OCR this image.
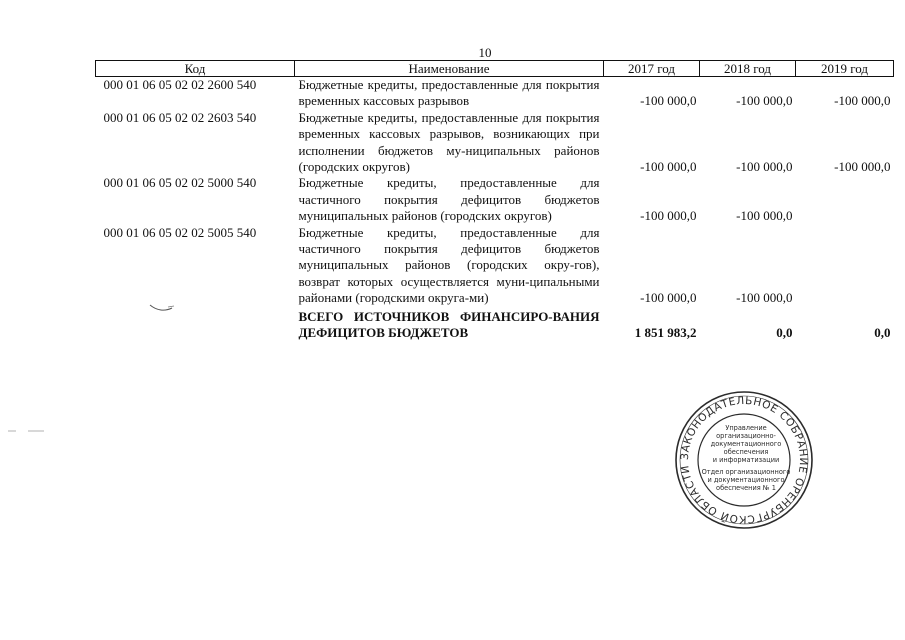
10
Код	Наименование	2017 год	2018 год	2019 год
000 01 06 05 02 02 2600 540	Бюджетные кредиты, предоставленные для покрытия временных кассовых разрывов	-100 000,0	-100 000,0	-100 000,0
000 01 06 05 02 02 2603 540	Бюджетные кредиты, предоставленные для покрытия временных кассовых разрывов, возникающих при исполнении бюджетов му-ниципальных районов (городских округов)	-100 000,0	-100 000,0	-100 000,0
000 01 06 05 02 02 5000 540	Бюджетные кредиты, предоставленные для частичного покрытия дефицитов бюджетов муниципальных районов (городских округов)	-100 000,0	-100 000,0	
000 01 06 05 02 02 5005 540	Бюджетные кредиты, предоставленные для частичного покрытия дефицитов бюджетов муниципальных районов (городских окру-гов), возврат которых осуществляется муни-ципальными районами (городскими округа-ми)	-100 000,0	-100 000,0	
	ВСЕГО ИСТОЧНИКОВ ФИНАНСИРО-ВАНИЯ ДЕФИЦИТОВ БЮДЖЕТОВ	1 851 983,2	0,0	0,0
ЗАКОНОДАТЕЛЬНОЕ СОБРАНИЕ ОРЕНБУРГСКОЙ ОБЛАСТИ
Управление
организационно-
документационного
обеспечения
и информатизации
Отдел организационного
и документационного
обеспечения № 1
